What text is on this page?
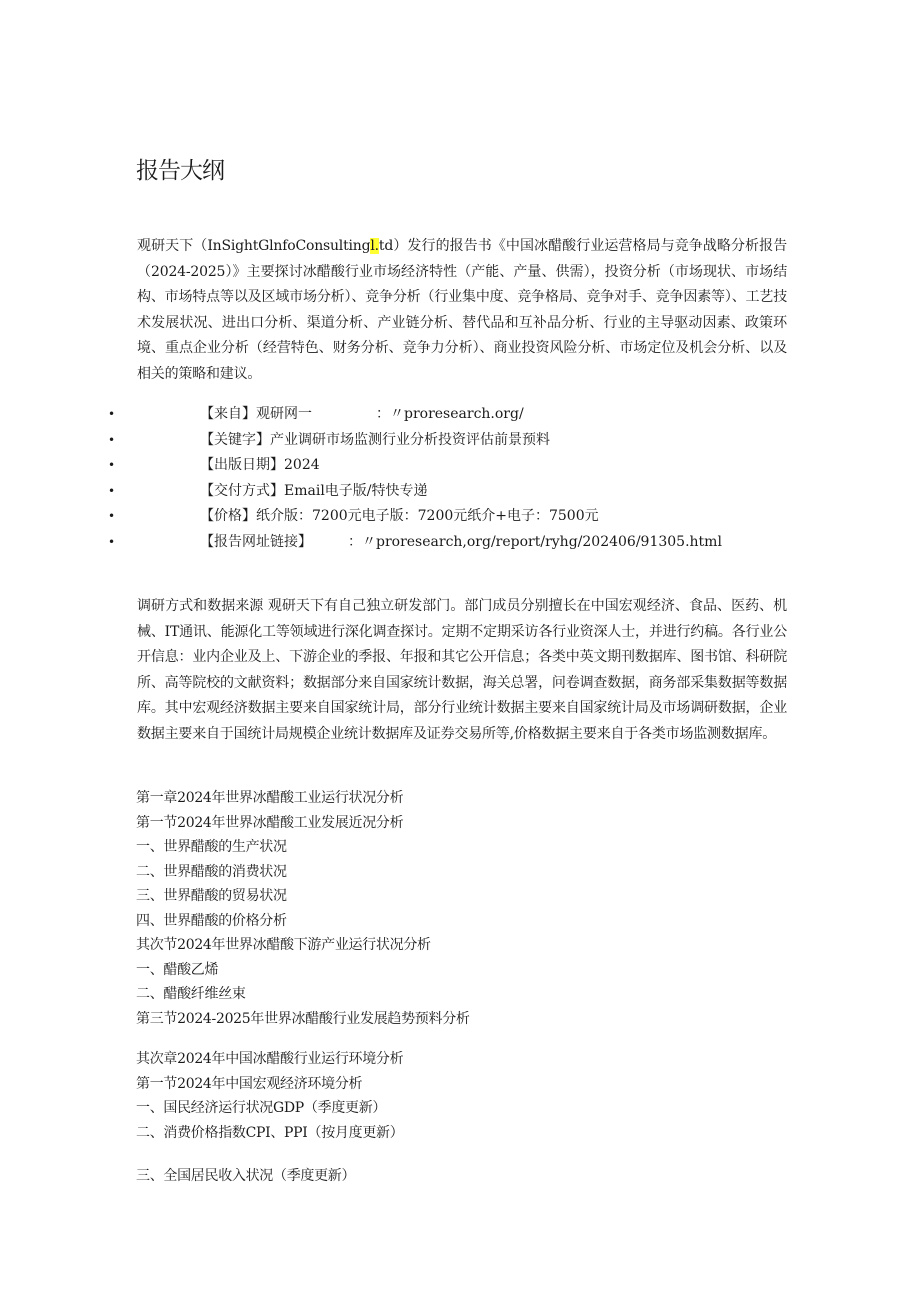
报告大纲

观研天下（InSightGlnfoConsultingl.td）发行的报告书《中国冰醋酸行业运营格局与竞争战略分析报告（2024-2025）》主要探讨冰醋酸行业市场经济特性（产能、产量、供需），投资分析（市场现状、市场结构、市场特点等以及区域市场分析）、竞争分析（行业集中度、竞争格局、竞争对手、竞争因素等）、工艺技术发展状况、进出口分析、渠道分析、产业链分析、替代品和互补品分析、行业的主导驱动因素、政策环境、重点企业分析（经营特色、财务分析、竞争力分析）、商业投资风险分析、市场定位及机会分析、以及相关的策略和建议。

•	【来自】观研网一	：〃proresearch.org/
•	【关键字】产业调研市场监测行业分析投资评估前景预料
•	【出版日期】2024
•	【交付方式】Email电子版/特快专递
•	【价格】纸介版：7200元电子版：7200元纸介+电子：7500元
•	【报告网址链接】	：〃proresearch,org/report/ryhg/202406/91305.html

调研方式和数据来源 观研天下有自己独立研发部门。部门成员分别擅长在中国宏观经济、食品、医药、机械、IT通讯、能源化工等领域进行深化调查探讨。定期不定期采访各行业资深人士，并进行约稿。各行业公开信息：业内企业及上、下游企业的季报、年报和其它公开信息；各类中英文期刊数据库、图书馆、科研院所、高等院校的文献资料；数据部分来自国家统计数据，海关总署，问卷调查数据，商务部采集数据等数据库。其中宏观经济数据主要来自国家统计局，部分行业统计数据主要来自国家统计局及市场调研数据，企业数据主要来自于国统计局规模企业统计数据库及证券交易所等,价格数据主要来自于各类市场监测数据库。

第一章2024年世界冰醋酸工业运行状况分析
第一节2024年世界冰醋酸工业发展近况分析
一、世界醋酸的生产状况
二、世界醋酸的消费状况
三、世界醋酸的贸易状况
四、世界醋酸的价格分析
其次节2024年世界冰醋酸下游产业运行状况分析
一、醋酸乙烯
二、醋酸纤维丝束
第三节2024-2025年世界冰醋酸行业发展趋势预料分析
其次章2024年中国冰醋酸行业运行环境分析
第一节2024年中国宏观经济环境分析
一、国民经济运行状况GDP（季度更新）
二、消费价格指数CPI、PPI（按月度更新）
三、全国居民收入状况（季度更新）
